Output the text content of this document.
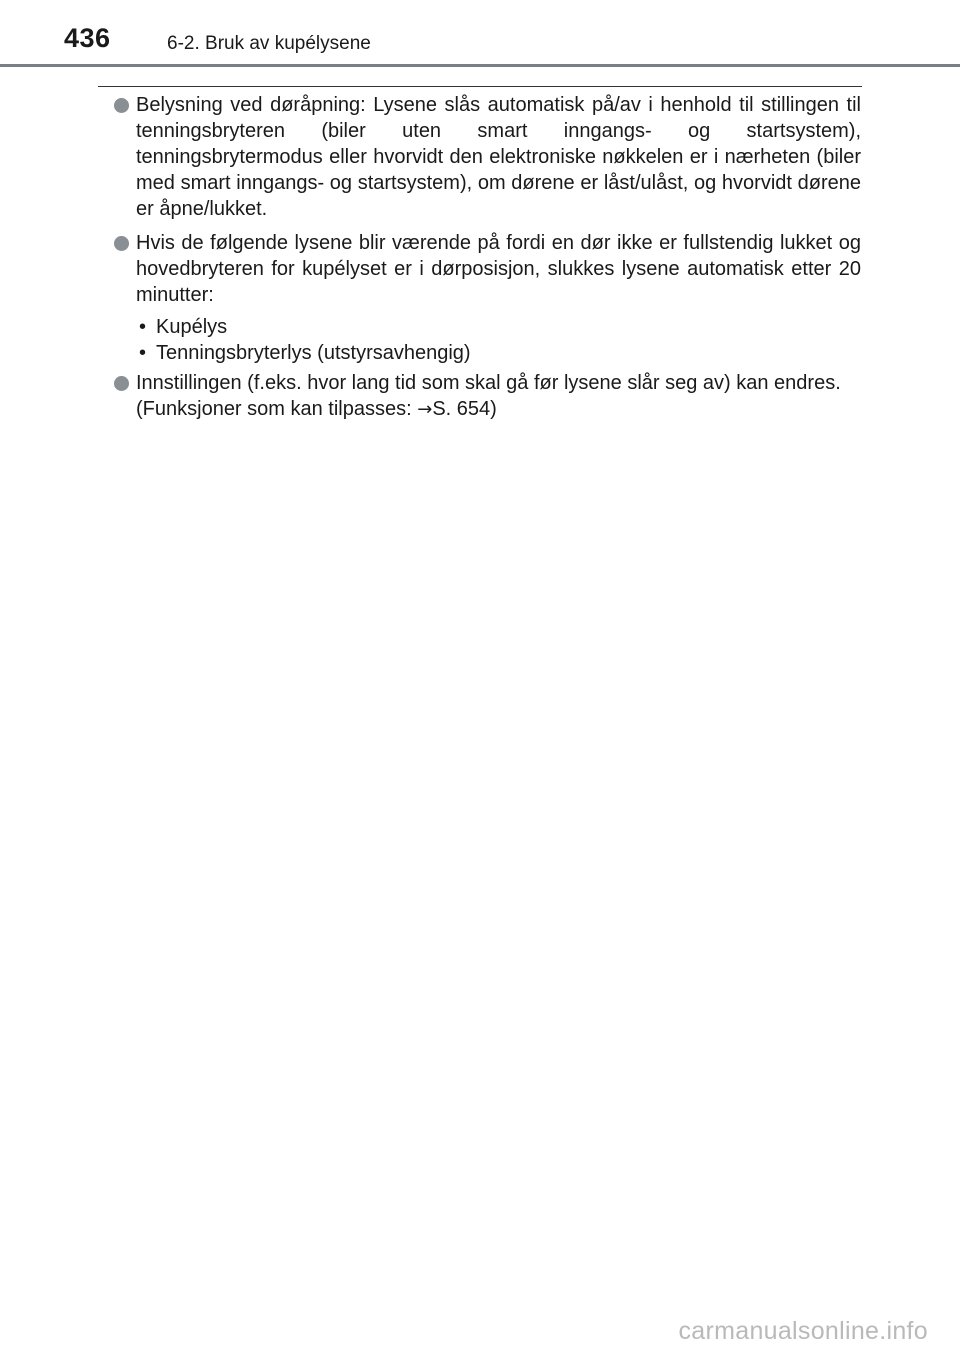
436	6-2. Bruk av kupélysene
Belysning ved døråpning: Lysene slås automatisk på/av i henhold til stillingen til tenningsbryteren (biler uten smart inngangs- og startsystem), tenningsbrytermodus eller hvorvidt den elektroniske nøkkelen er i nærheten (biler med smart inngangs- og startsystem), om dørene er låst/ulåst, og hvorvidt dørene er åpne/lukket.
Hvis de følgende lysene blir værende på fordi en dør ikke er fullstendig lukket og hovedbryteren for kupélyset er i dørposisjon, slukkes lysene automatisk etter 20 minutter:
• Kupélys
• Tenningsbryterlys (utstyrsavhengig)
Innstillingen (f.eks. hvor lang tid som skal gå før lysene slår seg av) kan endres.
(Funksjoner som kan tilpasses: →S. 654)
carmanualsonline.info
